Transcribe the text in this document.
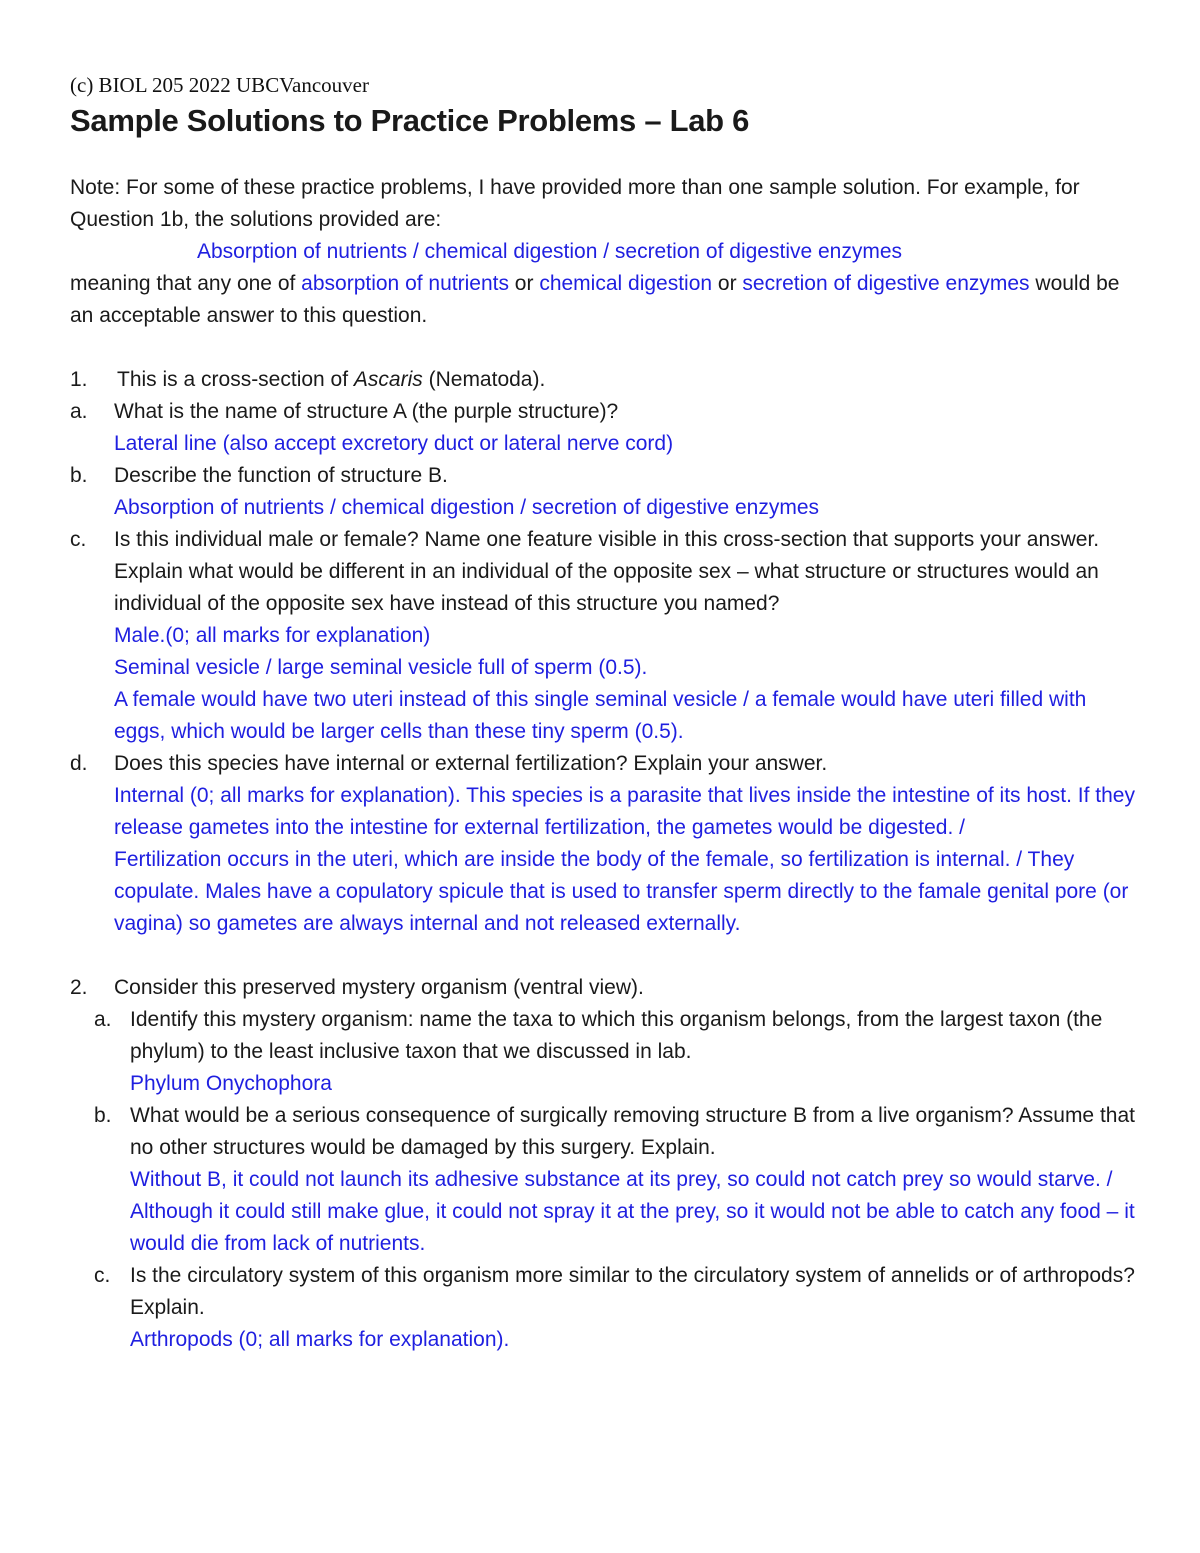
(c) BIOL 205 2022 UBCVancouver
Sample Solutions to Practice Problems – Lab 6
Note: For some of these practice problems, I have provided more than one sample solution. For example, for Question 1b, the solutions provided are:
Absorption of nutrients / chemical digestion / secretion of digestive enzymes
meaning that any one of absorption of nutrients or chemical digestion or secretion of digestive enzymes would be an acceptable answer to this question.
1.	This is a cross-section of Ascaris (Nematoda).
a.	What is the name of structure A (the purple structure)?
Lateral line (also accept excretory duct or lateral nerve cord)
b.	Describe the function of structure B.
Absorption of nutrients / chemical digestion / secretion of digestive enzymes
c.	Is this individual male or female? Name one feature visible in this cross-section that supports your answer. Explain what would be different in an individual of the opposite sex – what structure or structures would an individual of the opposite sex have instead of this structure you named?
Male.(0; all marks for explanation)
Seminal vesicle / large seminal vesicle full of sperm (0.5).
A female would have two uteri instead of this single seminal vesicle / a female would have uteri filled with eggs, which would be larger cells than these tiny sperm (0.5).
d.	Does this species have internal or external fertilization? Explain your answer.
Internal (0; all marks for explanation). This species is a parasite that lives inside the intestine of its host. If they release gametes into the intestine for external fertilization, the gametes would be digested. /
Fertilization occurs in the uteri, which are inside the body of the female, so fertilization is internal. / They copulate. Males have a copulatory spicule that is used to transfer sperm directly to the famale genital pore (or vagina) so gametes are always internal and not released externally.
2.	Consider this preserved mystery organism (ventral view).
a. Identify this mystery organism: name the taxa to which this organism belongs, from the largest taxon (the phylum) to the least inclusive taxon that we discussed in lab.
Phylum Onychophora
b. What would be a serious consequence of surgically removing structure B from a live organism? Assume that no other structures would be damaged by this surgery. Explain.
Without B, it could not launch its adhesive substance at its prey, so could not catch prey so would starve. / Although it could still make glue, it could not spray it at the prey, so it would not be able to catch any food – it would die from lack of nutrients.
c. Is the circulatory system of this organism more similar to the circulatory system of annelids or of arthropods? Explain.
Arthropods (0; all marks for explanation).
